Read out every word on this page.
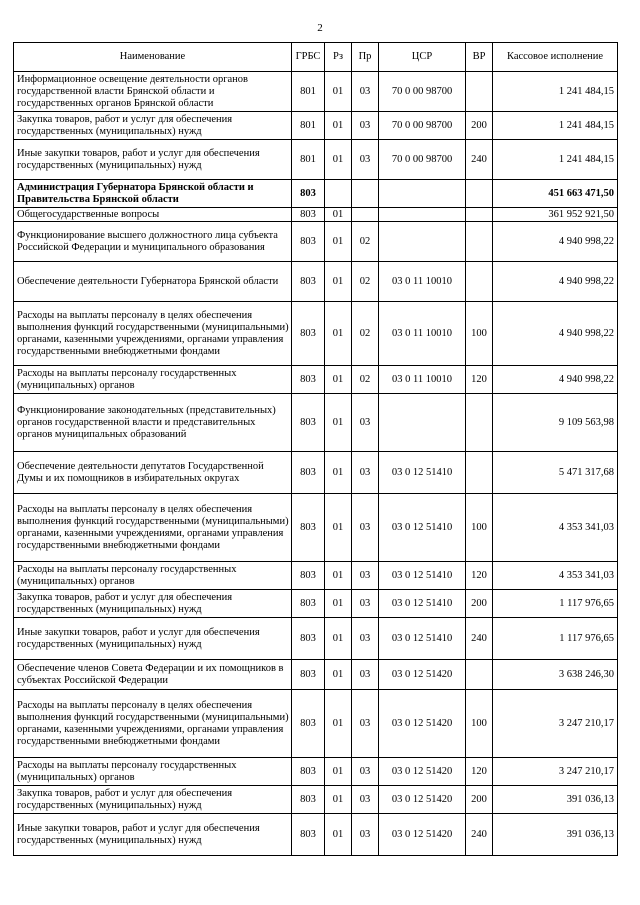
2
Наименование	ГРБС	Рз	Пр	ЦСР	ВР	Кассовое исполнение
Информационное освещение деятельности органов государственной власти Брянской области и государственных органов Брянской области	801	01	03	70 0 00 98700		1 241 484,15
Закупка товаров, работ и услуг для обеспечения государственных (муниципальных) нужд	801	01	03	70 0 00 98700	200	1 241 484,15
Иные закупки товаров, работ и услуг для обеспечения государственных (муниципальных) нужд	801	01	03	70 0 00 98700	240	1 241 484,15
Администрация Губернатора Брянской области и Правительства Брянской области	803					451 663 471,50
Общегосударственные вопросы	803	01				361 952 921,50
Функционирование высшего должностного лица субъекта Российской Федерации и муниципального образования	803	01	02			4 940 998,22
Обеспечение деятельности Губернатора Брянской области	803	01	02	03 0 11 10010		4 940 998,22
Расходы на выплаты персоналу в целях обеспечения выполнения функций государственными (муниципальными) органами, казенными учреждениями, органами управления государственными внебюджетными фондами	803	01	02	03 0 11 10010	100	4 940 998,22
Расходы на выплаты персоналу государственных (муниципальных) органов	803	01	02	03 0 11 10010	120	4 940 998,22
Функционирование законодательных (представительных) органов государственной власти и представительных органов муниципальных образований	803	01	03			9 109 563,98
Обеспечение деятельности депутатов Государственной Думы и их помощников в избирательных округах	803	01	03	03 0 12 51410		5 471 317,68
Расходы на выплаты персоналу в целях обеспечения выполнения функций государственными (муниципальными) органами, казенными учреждениями, органами управления государственными внебюджетными фондами	803	01	03	03 0 12 51410	100	4 353 341,03
Расходы на выплаты персоналу государственных (муниципальных) органов	803	01	03	03 0 12 51410	120	4 353 341,03
Закупка товаров, работ и услуг для обеспечения государственных (муниципальных) нужд	803	01	03	03 0 12 51410	200	1 117 976,65
Иные закупки товаров, работ и услуг для обеспечения государственных (муниципальных) нужд	803	01	03	03 0 12 51410	240	1 117 976,65
Обеспечение членов Совета Федерации и их помощников в субъектах Российской Федерации	803	01	03	03 0 12 51420		3 638 246,30
Расходы на выплаты персоналу в целях обеспечения выполнения функций государственными (муниципальными) органами, казенными учреждениями, органами управления государственными внебюджетными фондами	803	01	03	03 0 12 51420	100	3 247 210,17
Расходы на выплаты персоналу государственных (муниципальных) органов	803	01	03	03 0 12 51420	120	3 247 210,17
Закупка товаров, работ и услуг для обеспечения государственных (муниципальных) нужд	803	01	03	03 0 12 51420	200	391 036,13
Иные закупки товаров, работ и услуг для обеспечения государственных (муниципальных) нужд	803	01	03	03 0 12 51420	240	391 036,13
